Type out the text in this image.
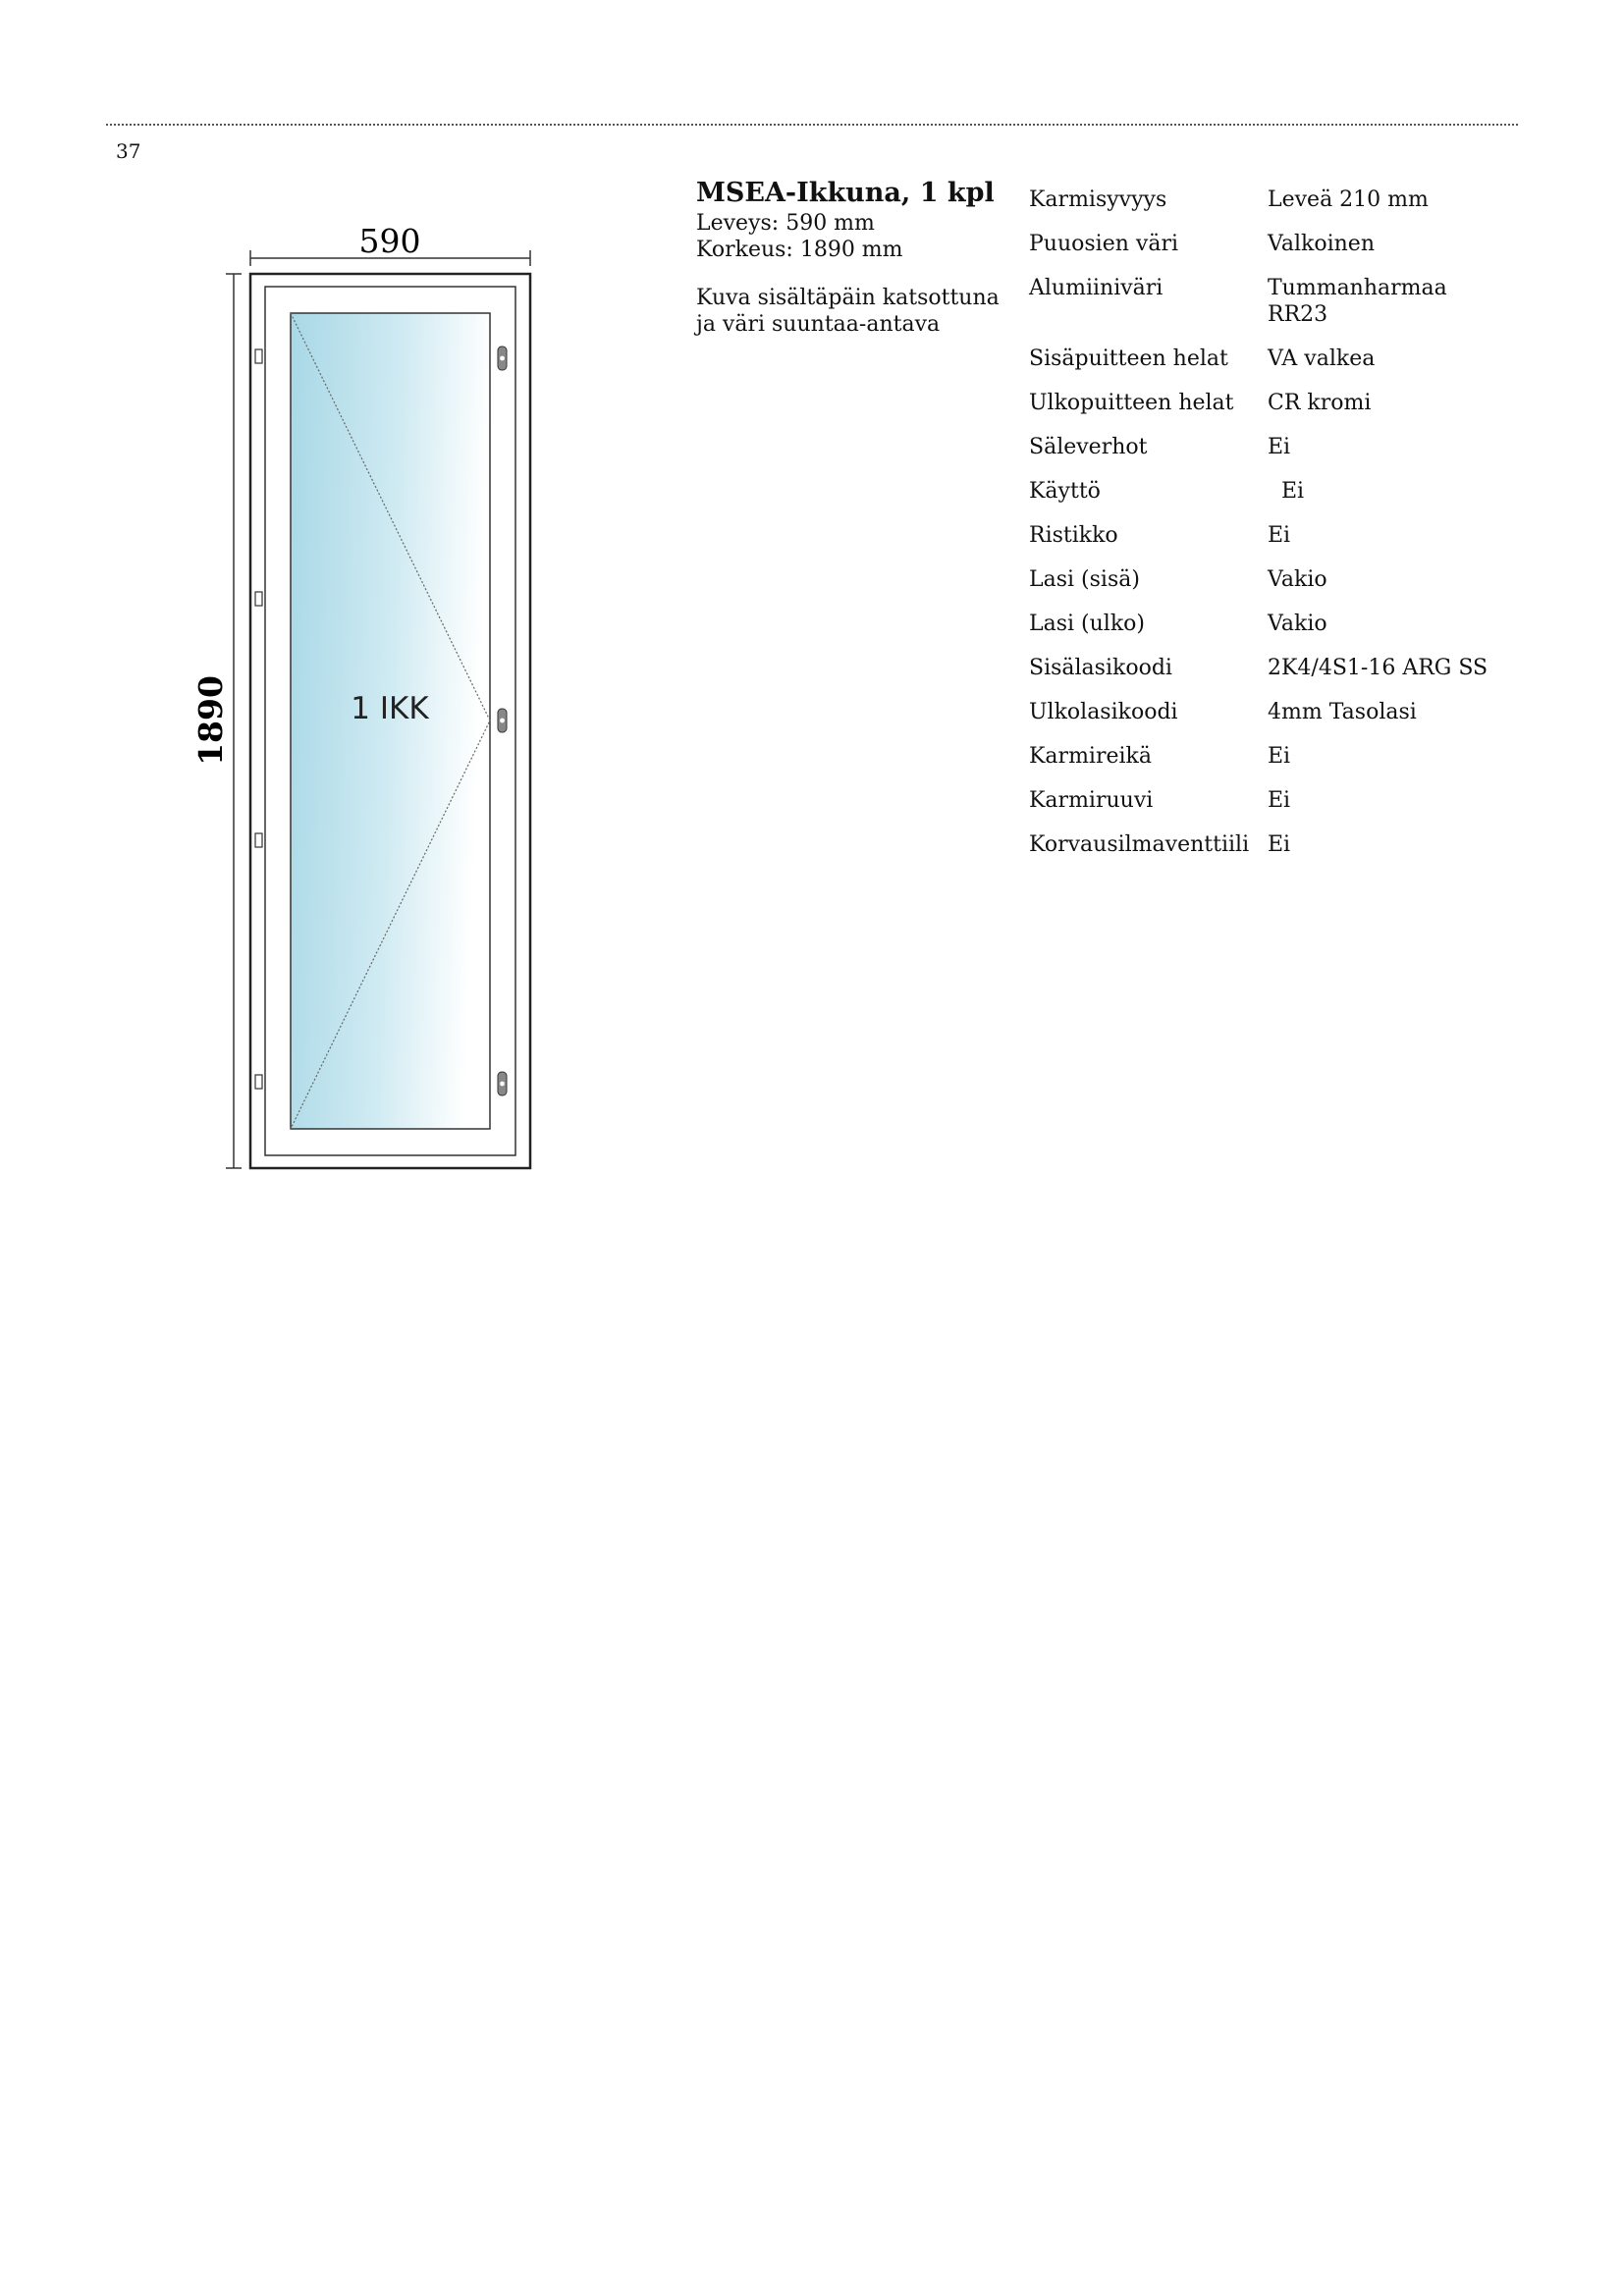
37
590
1890	1 IKK
MSEA-Ikkuna, 1 kpl
Leveys: 590 mm
Korkeus: 1890 mm
Kuva sisältäpäin katsottuna
ja väri suuntaa-antava
Karmisyvyys	Leveä 210 mm
Puuosien väri	Valkoinen
Alumiiniväri	Tummanharmaa
RR23

Sisäpuitteen helat	VA valkea
Ulkopuitteen helat	CR kromi
Säleverhot	Ei
Käyttö	Ei
Ristikko	Ei
Lasi (sisä)	Vakio
Lasi (ulko)	Vakio
Sisälasikoodi	2K4/4S1-16 ARG SS
Ulkolasikoodi	4mm Tasolasi
Karmireikä	Ei
Karmiruuvi	Ei
Korvausilmaventtiili	Ei
